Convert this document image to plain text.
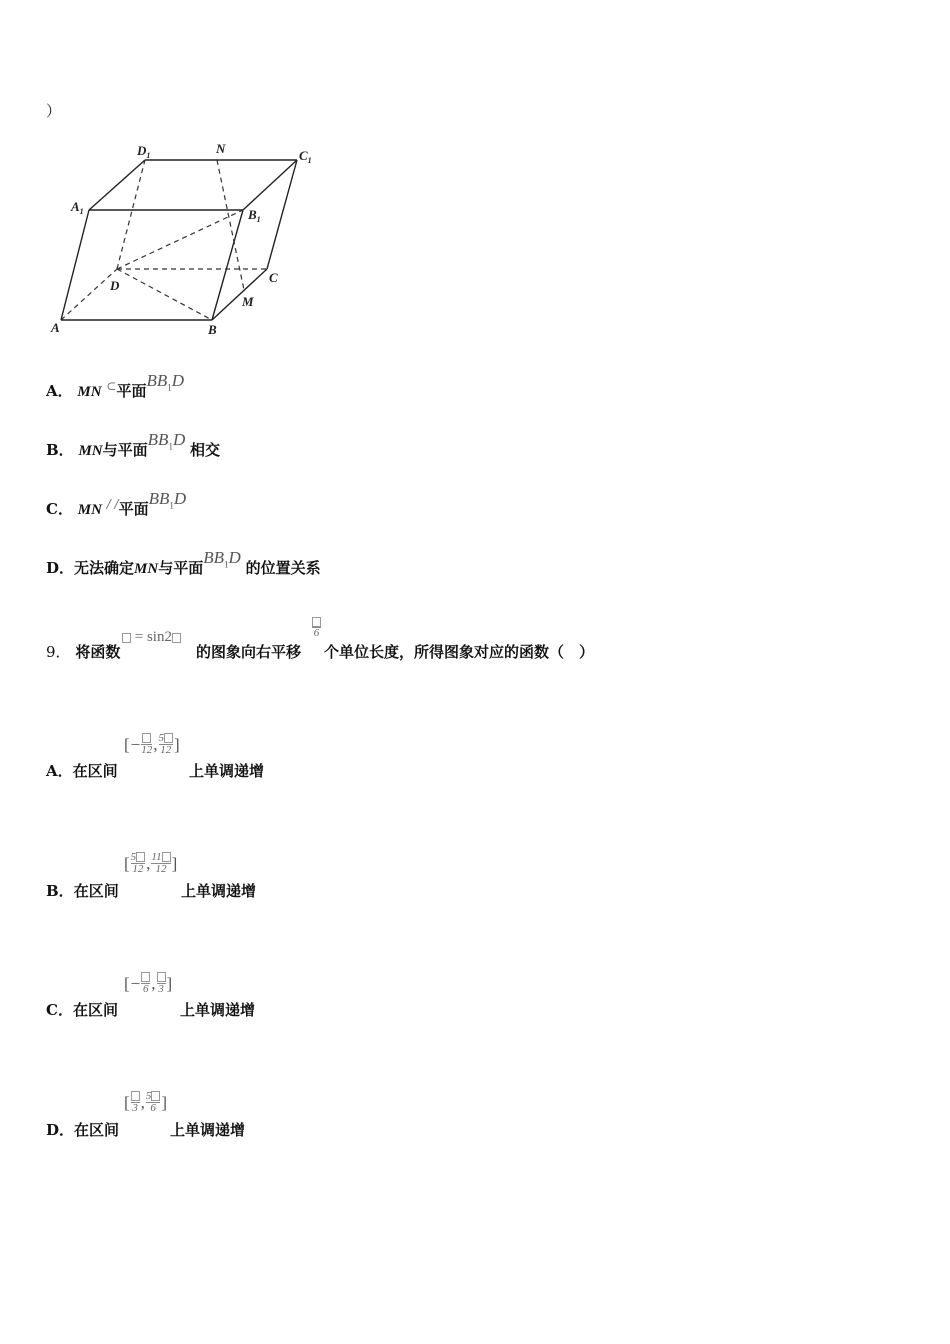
）
$D_1$	N	$C_1$
$A_1$	$B_1$
D
C
M
A	B
A． MN ⊂平面$BB_1D$
B． MN与平面$BB_1D$ 相交
C． MN / /平面$BB_1D$
D．无法确定MN与平面$BB_1D$ 的位置关系
9． 将函数
= sin2
的图象向右平移
6
个单位长度，所得图象对应的函数（　）
[ − 12 , $\frac{5}{12}$ ]
A．在区间	上单调递增
[ $\frac{5}{12}$ , $\frac{11}{12}$ ]
B．在区间	上单调递增
[ − 6 , 3 ]
C．在区间	上单调递增
[ 3 , $\frac{5}{6}$ ]
D．在区间	上单调递增
